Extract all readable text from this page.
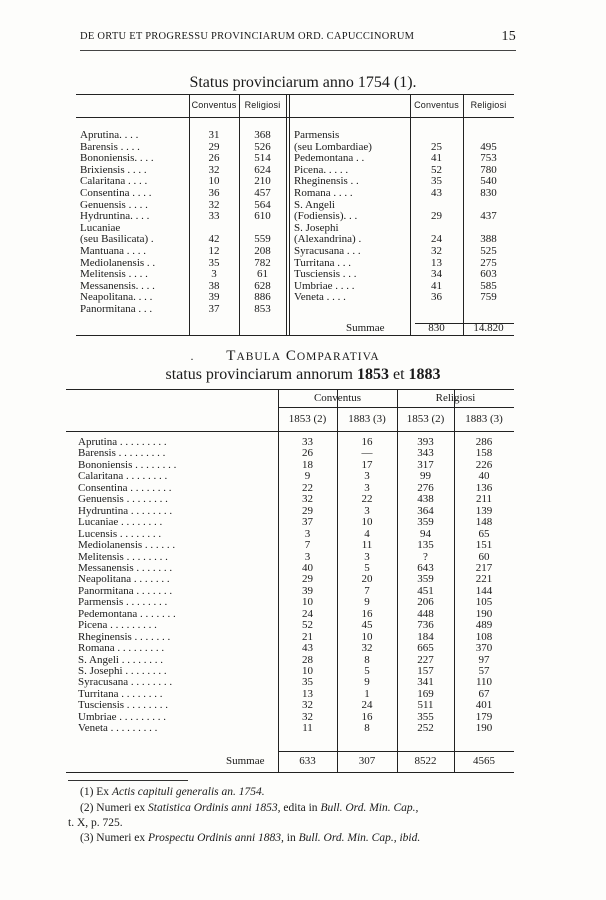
DE ORTU ET PROGRESSU PROVINCIARUM ORD. CAPUCCINORUM	15
Status provinciarum anno 1754 (1).
Conventus Religiosi	Conventus	Religiosi
Summae	830	14.820
Aprutina. . . .	31	368
Barensis . . . .	29	526
Bononiensis. . . .	26	514
Brixiensis . . . .	32	624
Calaritana . . . .	10	210
Consentina . . . .	36	457
Genuensis . . . .	32	564
Hydruntina. . . .	33	610
Lucaniae
(seu Basilicata) .	42	559
Mantuana . . . .	12	208
Mediolanensis . .	35	782
Melitensis . . . .	3	61
Messanensis. . . .	38	628
Neapolitana. . . .	39	886
Panormitana . . .	37	853
Parmensis
(seu Lombardiae)	25	495
Pedemontana . .	41	753
Picena. . . . .	52	780
Rheginensis . .	35	540
Romana . . . .	43	830
S. Angeli
(Fodiensis). . .	29	437
S. Josephi
(Alexandrina) .	24	388
Syracusana . . .	32	525
Turritana . . .	13	275
Tusciensis . . .	34	603
Umbriae . . . .	41	585
Veneta . . . .	36	759
·	TABULA COMPARATIVA
status provinciarum annorum 1853 et 1883
Conventus	Religiosi
1853 (2)	1883 (3)	1853 (2)	1883 (3)
Summae	633	307	8522	4565
Aprutina . . . . . . . . .	33	16	393	286
Barensis . . . . . . . . .	26	—	343	158
Bononiensis . . . . . . . .	18	17	317	226
Calaritana . . . . . . . .	9	3	99	40
Consentina . . . . . . . .	22	3	276	136
Genuensis . . . . . . . .	32	22	438	211
Hydruntina . . . . . . . .	29	3	364	139
Lucaniae . . . . . . . .	37	10	359	148
Lucensis . . . . . . . .	3	4	94	65
Mediolanensis . . . . . .	7	11	135	151
Melitensis . . . . . . . .	3	3	?	60
Messanensis . . . . . . .	40	5	643	217
Neapolitana . . . . . . .	29	20	359	221
Panormitana . . . . . . .	39	7	451	144
Parmensis . . . . . . . .	10	9	206	105
Pedemontana . . . . . . .	24	16	448	190
Picena . . . . . . . . .	52	45	736	489
Rheginensis . . . . . . .	21	10	184	108
Romana . . . . . . . . .	43	32	665	370
S. Angeli . . . . . . . .	28	8	227	97
S. Josephi . . . . . . . .	10	5	157	57
Syracusana . . . . . . . .	35	9	341	110
Turritana . . . . . . . .	13	1	169	67
Tusciensis . . . . . . . .	32	24	511	401
Umbriae . . . . . . . . .	32	16	355	179
Veneta . . . . . . . . .	11	8	252	190
(1) Ex Actis capituli generalis an. 1754.
(2) Numeri ex Statistica Ordinis anni 1853, edita in Bull. Ord. Min. Cap.,
t. X, p. 725.
(3) Numeri ex Prospectu Ordinis anni 1883, in Bull. Ord. Min. Cap., ibid.
